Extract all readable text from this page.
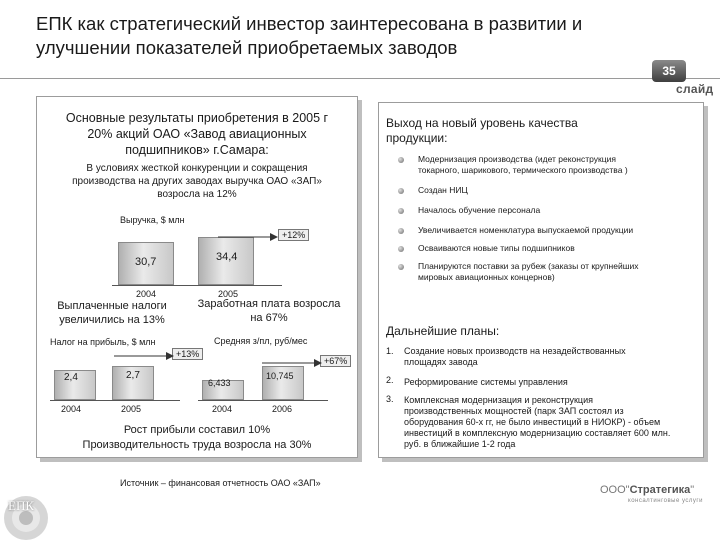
ЕПК как стратегический инвестор заинтересована в развитии и
улучшении показателей приобретаемых заводов
35
слайд
Основные результаты приобретения в 2005 г
20% акций ОАО «Завод авиационных
подшипников» г.Самара:
В условиях жесткой конкуренции и сокращения
производства на других заводах выручка ОАО «ЗАП»
возросла на 12%
Выручка, $ млн
30,7	34,4
2004	2005
+12%
Выплаченные налоги
увеличились на 13%
Заработная плата возросла
на 67%
Налог на прибыль, $ млн
2,4	2,7
2004	2005
+13%
Средняя з/пл, руб/мес
6,433
10,745
2004	2006
+67%
Рост прибыли составил 10%
Производительность труда возросла на 30%
Выход на новый уровень качества
продукции:
Модернизация производства (идет реконструкция
токарного, шарикового, термического производства )
Создан НИЦ
Началось обучение персонала
Увеличивается номенклатура выпускаемой продукции
Осваиваются новые типы подшипников
Планируются поставки за рубеж (заказы от крупнейших
мировых авиационных концернов)
Дальнейшие планы:
1. Создание новых производств на незадействованных
площадях завода
2. Реформирование системы управления
3. Комплексная модернизация и реконструкция
производственных мощностей (парк ЗАП состоял из
оборудования 60-х гг, не было инвестиций в НИОКР) - объем
инвестиций в комплексную модернизацию составляет 600 млн. руб. в ближайшие 1-2 года
Источник – финансовая отчетность ОАО «ЗАП»
ЕПК
ООО"Стратегика"
консалтинговые услуги
